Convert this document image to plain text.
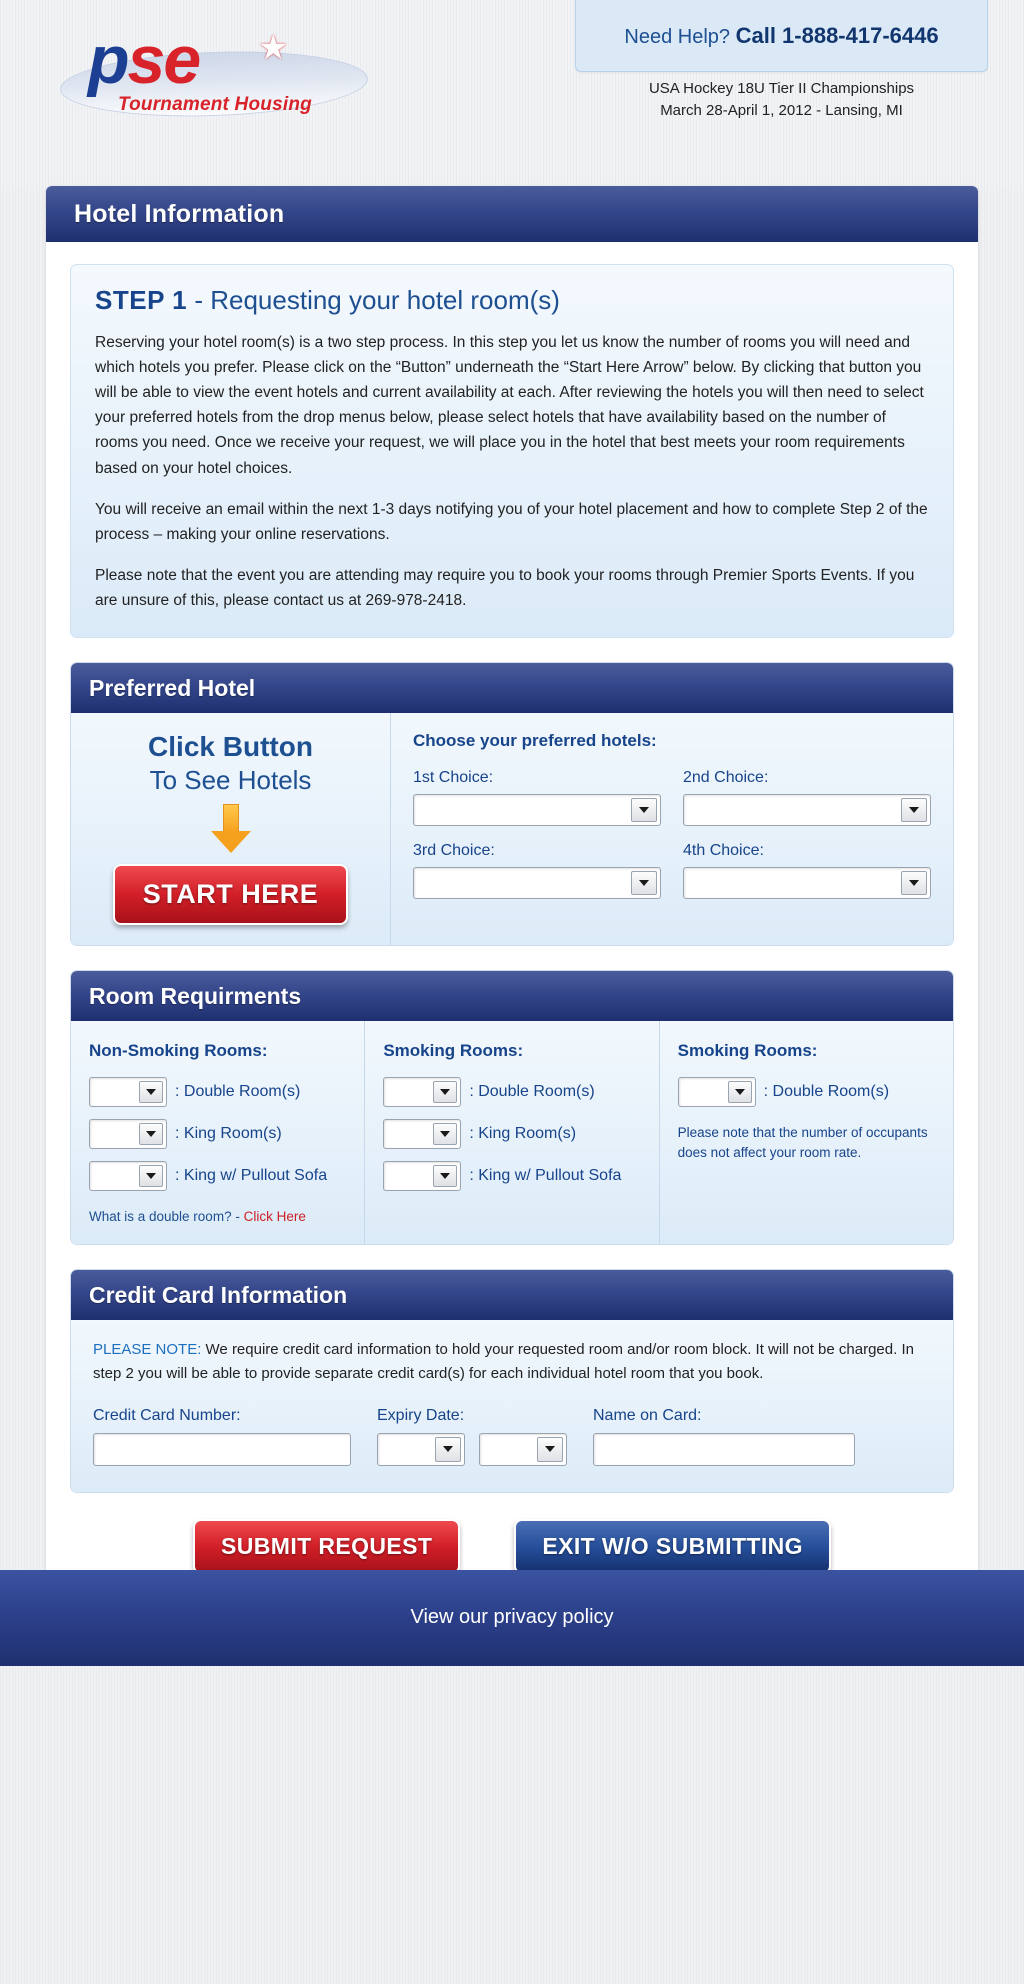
pse ★
Tournament Housing
Need Help? Call 1-888-417-6446
USA Hockey 18U Tier II Championships
March 28-April 1, 2012 - Lansing, MI
Hotel Information
STEP 1 - Requesting your hotel room(s)

Reserving your hotel room(s) is a two step process. In this step you let us know the number of rooms you will need and which hotels you prefer. Please click on the “Button” underneath the “Start Here Arrow” below. By clicking that button you will be able to view the event hotels and current availability at each. After reviewing the hotels you will then need to select your preferred hotels from the drop menus below, please select hotels that have availability based on the number of rooms you need. Once we receive your request, we will place you in the hotel that best meets your room requirements based on your hotel choices.

You will receive an email within the next 1-3 days notifying you of your hotel placement and how to complete Step 2 of the process – making your online reservations.

Please note that the event you are attending may require you to book your rooms through Premier Sports Events. If you are unsure of this, please contact us at 269-978-2418.

Preferred Hotel
Click Button
To See Hotels
START HERE
Choose your preferred hotels:
1st Choice:	2nd Choice:
3rd Choice:	4th Choice:
Room Requirments
Non-Smoking Rooms:
: Double Room(s)
: King Room(s)
: King w/ Pullout Sofa
What is a double room? - Click Here
Smoking Rooms:
: Double Room(s)
: King Room(s)
: King w/ Pullout Sofa
Smoking Rooms:
: Double Room(s)
Please note that the number of occupants does not affect your room rate.
Credit Card Information
PLEASE NOTE: We require credit card information to hold your requested room and/or room block. It will not be charged. In step 2 you will be able to provide separate credit card(s) for each individual hotel room that you book.
Credit Card Number:	Expiry Date:	Name on Card:
SUBMIT REQUEST	EXIT W/O SUBMITTING
View our privacy policy
